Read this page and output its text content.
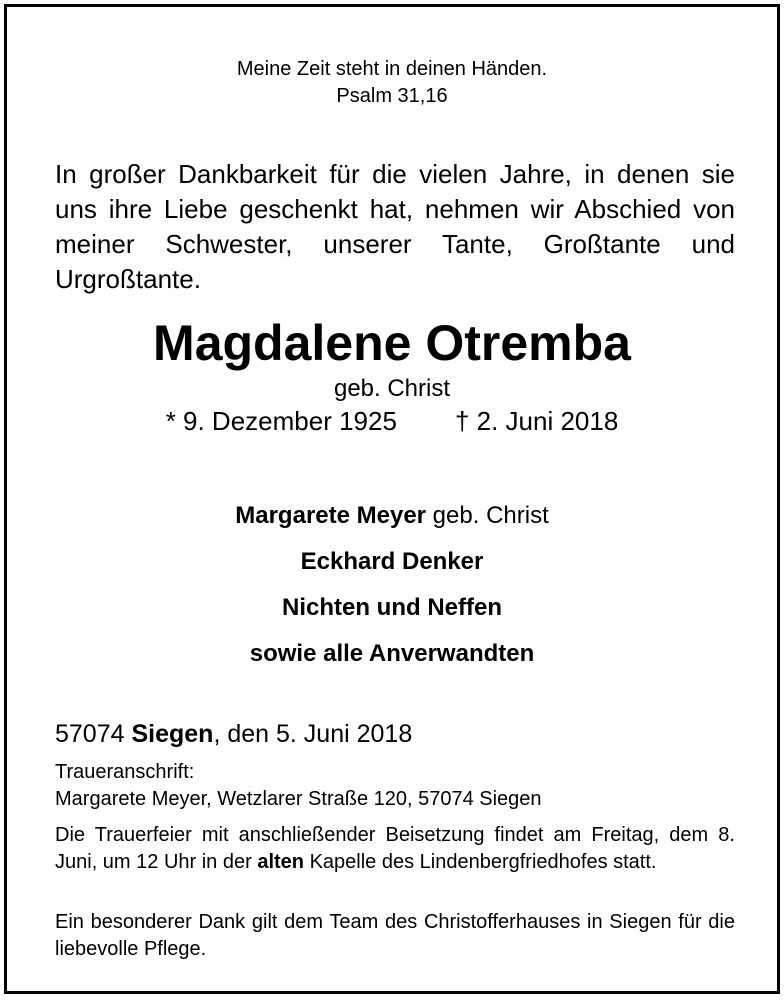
Meine Zeit steht in deinen Händen.
Psalm 31,16
In großer Dankbarkeit für die vielen Jahre, in denen sie uns ihre Liebe geschenkt hat, nehmen wir Abschied von meiner Schwester, unserer Tante, Großtante und Urgroßtante.
Magdalene Otremba
geb. Christ
* 9. Dezember 1925 † 2. Juni 2018
Margarete Meyer geb. Christ
Eckhard Denker
Nichten und Neffen
sowie alle Anverwandten
57074 Siegen, den 5. Juni 2018
Traueranschrift:
Margarete Meyer, Wetzlarer Straße 120, 57074 Siegen
Die Trauerfeier mit anschließender Beisetzung findet am Freitag, dem 8. Juni, um 12 Uhr in der alten Kapelle des Lindenbergfriedhofes statt.
Ein besonderer Dank gilt dem Team des Christofferhauses in Siegen für die liebevolle Pflege.
